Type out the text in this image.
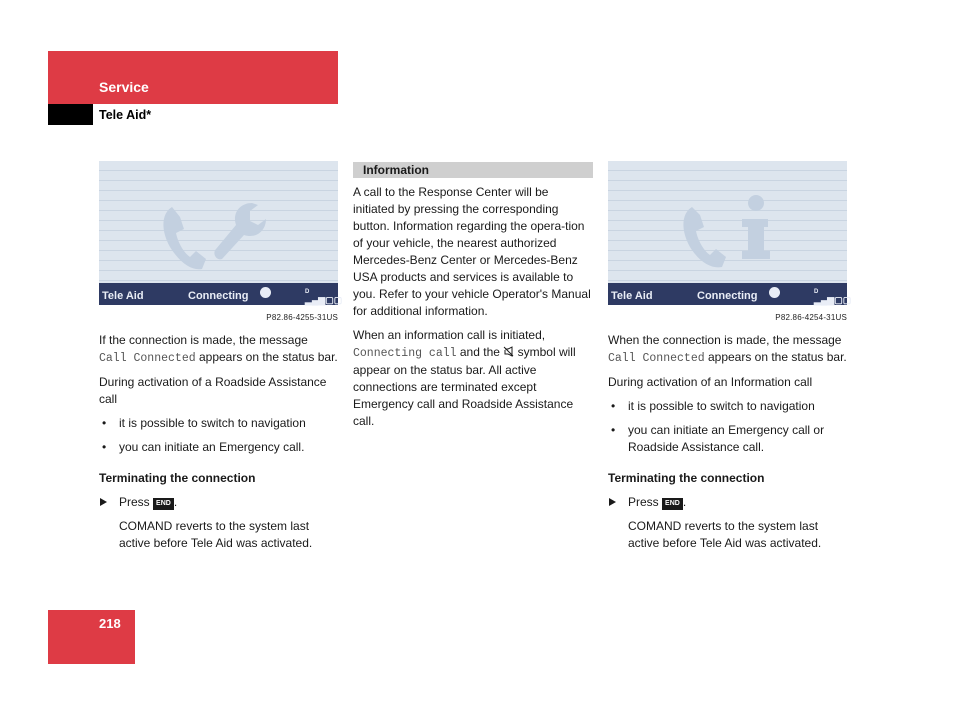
Service
Tele Aid*
Tele Aid	Connecting	D
▂▄▆▢▢
P82.86-4255-31US

If the connection is made, the message Call Connected appears on the status bar.

During activation of a Roadside Assistance call

• it is possible to switch to navigation
• you can initiate an Emergency call.
Terminating the connection
Press END .
COMAND reverts to the system last active before Tele Aid was activated.
Information

A call to the Response Center will be initiated by pressing the corresponding button. Information regarding the opera-tion of your vehicle, the nearest authorized Mercedes-Benz Center or Mercedes-Benz USA products and services is available to you. Refer to your vehicle Operator's Manual for additional information.

When an information call is initiated, Connecting call and the symbol will appear on the status bar. All active connections are terminated except Emergency call and Roadside Assistance call.

Tele Aid	Connecting	D
▂▄▆▢▢
P82.86-4254-31US

When the connection is made, the message Call Connected appears on the status bar.

During activation of an Information call

• it is possible to switch to navigation
• you can initiate an Emergency call or Roadside Assistance call.
Terminating the connection
Press END .
COMAND reverts to the system last active before Tele Aid was activated.
218
